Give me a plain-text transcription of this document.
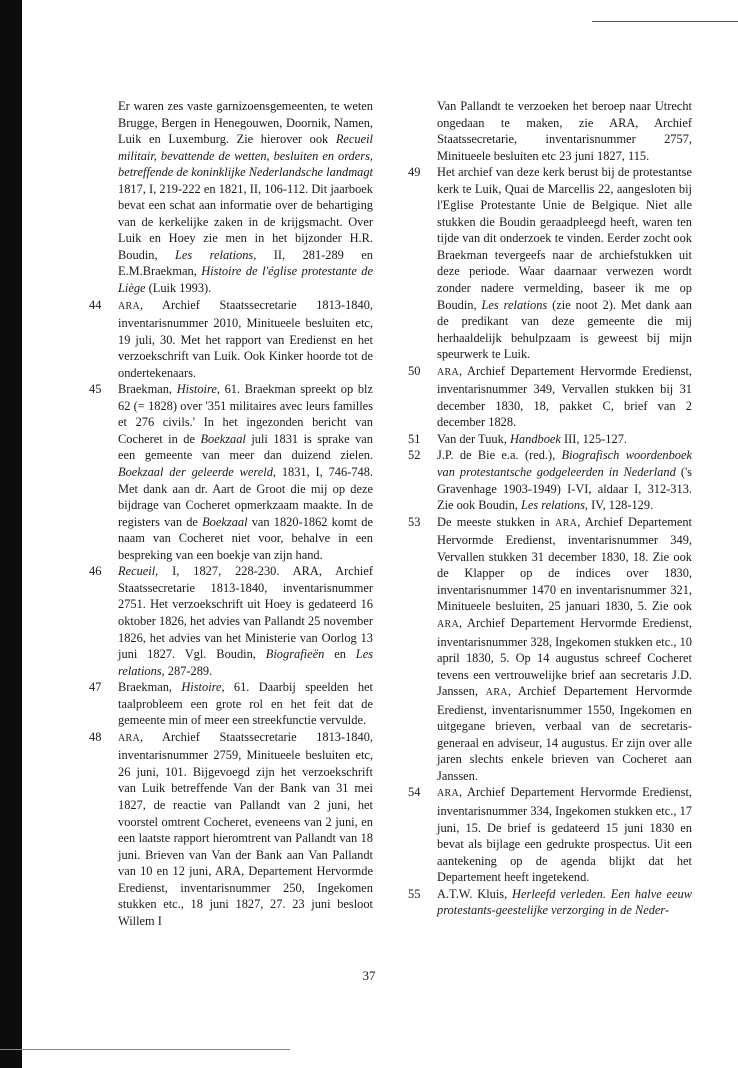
Er waren zes vaste garnizoensgemeenten, te weten Brugge, Bergen in Henegouwen, Doornik, Namen, Luik en Luxemburg. Zie hierover ook Recueil militair, bevattende de wetten, besluiten en orders, betreffende de koninklijke Nederlandsche landmagt 1817, I, 219-222 en 1821, II, 106-112. Dit jaarboek bevat een schat aan informatie over de behartiging van de kerkelijke zaken in de krijgsmacht. Over Luik en Hoey zie men in het bijzonder H.R. Boudin, Les relations, II, 281-289 en E.M.Braekman, Histoire de l'église protestante de Liège (Luik 1993).

44 ARA, Archief Staatssecretarie 1813-1840, inventarisnummer 2010, Minitueele besluiten etc, 19 juli, 30. Met het rapport van Eredienst en het verzoekschrift van Luik. Ook Kinker hoorde tot de ondertekenaars.

45 Braekman, Histoire, 61. Braekman spreekt op blz 62 (= 1828) over '351 militaires avec leurs familles et 276 civils.' In het ingezonden bericht van Cocheret in de Boekzaal juli 1831 is sprake van een gemeente van meer dan duizend zielen. Boekzaal der geleerde wereld, 1831, I, 746-748. Met dank aan dr. Aart de Groot die mij op deze bijdrage van Cocheret opmerkzaam maakte. In de registers van de Boekzaal van 1820-1862 komt de naam van Cocheret niet voor, behalve in een bespreking van een boekje van zijn hand.

46 Recueil, I, 1827, 228-230. ARA, Archief Staatssecretarie 1813-1840, inventarisnummer 2751. Het verzoekschrift uit Hoey is gedateerd 16 oktober 1826, het advies van Pallandt 25 november 1826, het advies van het Ministerie van Oorlog 13 juni 1827. Vgl. Boudin, Biografieën en Les relations, 287-289.

47 Braekman, Histoire, 61. Daarbij speelden het taalprobleem een grote rol en het feit dat de gemeente min of meer een streekfunctie vervulde.

48 ARA, Archief Staatssecretarie 1813-1840, inventarisnummer 2759, Minitueele besluiten etc, 26 juni, 101. Bijgevoegd zijn het verzoekschrift van Luik betreffende Van der Bank van 31 mei 1827, de reactie van Pallandt van 2 juni, het voorstel omtrent Cocheret, eveneens van 2 juni, en een laatste rapport hieromtrent van Pallandt van 18 juni. Brieven van Van der Bank aan Van Pallandt van 10 en 12 juni, ARA, Departement Hervormde Eredienst, inventarisnummer 250, Ingekomen stukken etc., 18 juni 1827, 27. 23 juni besloot Willem I

Van Pallandt te verzoeken het beroep naar Utrecht ongedaan te maken, zie ARA, Archief Staatssecretarie, inventarisnummer 2757, Minitueele besluiten etc 23 juni 1827, 115.

49 Het archief van deze kerk berust bij de protestantse kerk te Luik, Quai de Marcellis 22, aangesloten bij l'Eglise Protestante Unie de Belgique. Niet alle stukken die Boudin geraadpleegd heeft, waren ten tijde van dit onderzoek te vinden. Eerder zocht ook Braekman tevergeefs naar de archiefstukken uit deze periode. Waar daarnaar verwezen wordt zonder nadere vermelding, baseer ik me op Boudin, Les relations (zie noot 2). Met dank aan de predikant van deze gemeente die mij herhaaldelijk behulpzaam is geweest bij mijn speurwerk te Luik.

50 ARA, Archief Departement Hervormde Eredienst, inventarisnummer 349, Vervallen stukken bij 31 december 1830, 18, pakket C, brief van 2 december 1828.

51 Van der Tuuk, Handboek III, 125-127.

52 J.P. de Bie e.a. (red.), Biografisch woordenboek van protestantsche godgeleerden in Nederland ('s Gravenhage 1903-1949) I-VI, aldaar I, 312-313. Zie ook Boudin, Les relations, IV, 128-129.

53 De meeste stukken in ARA, Archief Departement Hervormde Eredienst, inventarisnummer 349, Vervallen stukken 31 december 1830, 18. Zie ook de Klapper op de indices over 1830, inventarisnummer 1470 en inventarisnummer 321, Minitueele besluiten, 25 januari 1830, 5. Zie ook ARA, Archief Departement Hervormde Eredienst, inventarisnummer 328, Ingekomen stukken etc., 10 april 1830, 5. Op 14 augustus schreef Cocheret tevens een vertrouwelijke brief aan secretaris J.D. Janssen, ARA, Archief Departement Hervormde Eredienst, inventarisnummer 1550, Ingekomen en uitgegane brieven, verbaal van de secretaris-generaal en adviseur, 14 augustus. Er zijn over alle jaren slechts enkele brieven van Cocheret aan Janssen.

54 ARA, Archief Departement Hervormde Eredienst, inventarisnummer 334, Ingekomen stukken etc., 17 juni, 15. De brief is gedateerd 15 juni 1830 en bevat als bijlage een gedrukte prospectus. Uit een aantekening op de agenda blijkt dat het Departement heeft ingetekend.

55 A.T.W. Kluis, Herleefd verleden. Een halve eeuw protestants-geestelijke verzorging in de Neder-

37
